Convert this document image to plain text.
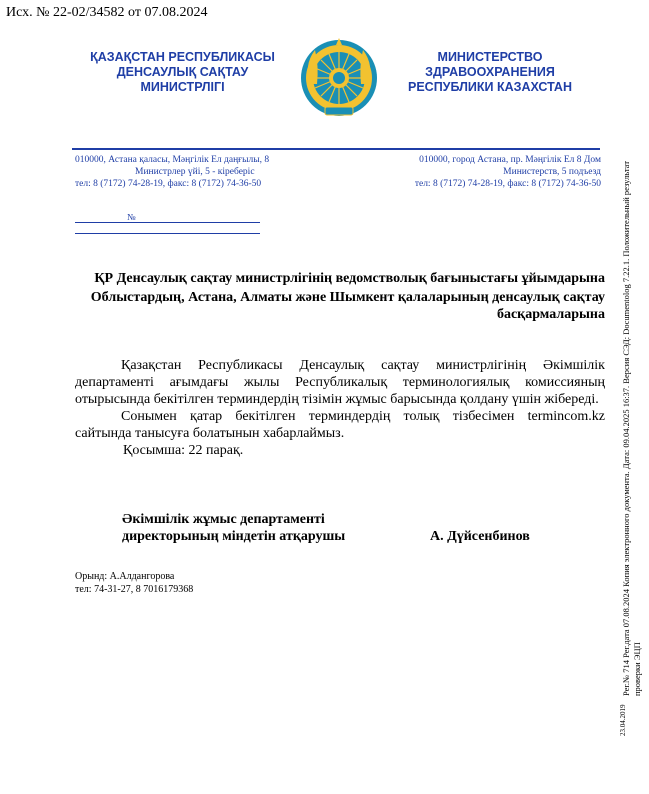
Исх. № 22-02/34582 от 07.08.2024
ҚАЗАҚСТАН РЕСПУБЛИКАСЫ
ДЕНСАУЛЫҚ САҚТАУ
МИНИСТРЛІГІ
МИНИСТЕРСТВО
ЗДРАВООХРАНЕНИЯ
РЕСПУБЛИКИ КАЗАХСТАН
010000, Астана қаласы, Мәңгілік Ел даңғылы, 8
Министрлер үйі, 5 - кіреберіс
тел: 8 (7172) 74-28-19, факс: 8 (7172) 74-36-50
010000, город Астана, пр. Мәңгілік Ел 8 Дом
Министерств, 5 подъезд
тел: 8 (7172) 74-28-19, факс: 8 (7172) 74-36-50
№

ҚР Денсаулық сақтау министрлігінің ведомстволық бағыныстағы ұйымдарына

Облыстардың, Астана, Алматы және Шымкент қалаларының денсаулық сақтау басқармаларына

Қазақстан Республикасы Денсаулық сақтау министрлігінің Әкімшілік департаменті ағымдағы жылы Республикалық терминологиялық комиссияның отырысында бекітілген терминдердің тізімін жұмыс барысында қолдану үшін жібереді.

Сонымен қатар бекітілген терминдердің толық тізбесімен termincom.kz сайтында танысуға болатынын хабарлаймыз.

Қосымша: 22 парақ.

Әкімшілік жұмыс департаменті
директорының міндетін атқарушы	А. Дүйсенбинов
Орынд: А.Алдангорова
тел: 74-31-27, 8 7016179368	Рег.№ 714 Рег.дата 07.08.2024 Копия электронного документа. Дата: 09.04.2025 16:37. Версия СЭД: Documentolog 7.22.1. Положительный результат проверки ЭЦП
23.04.2019
